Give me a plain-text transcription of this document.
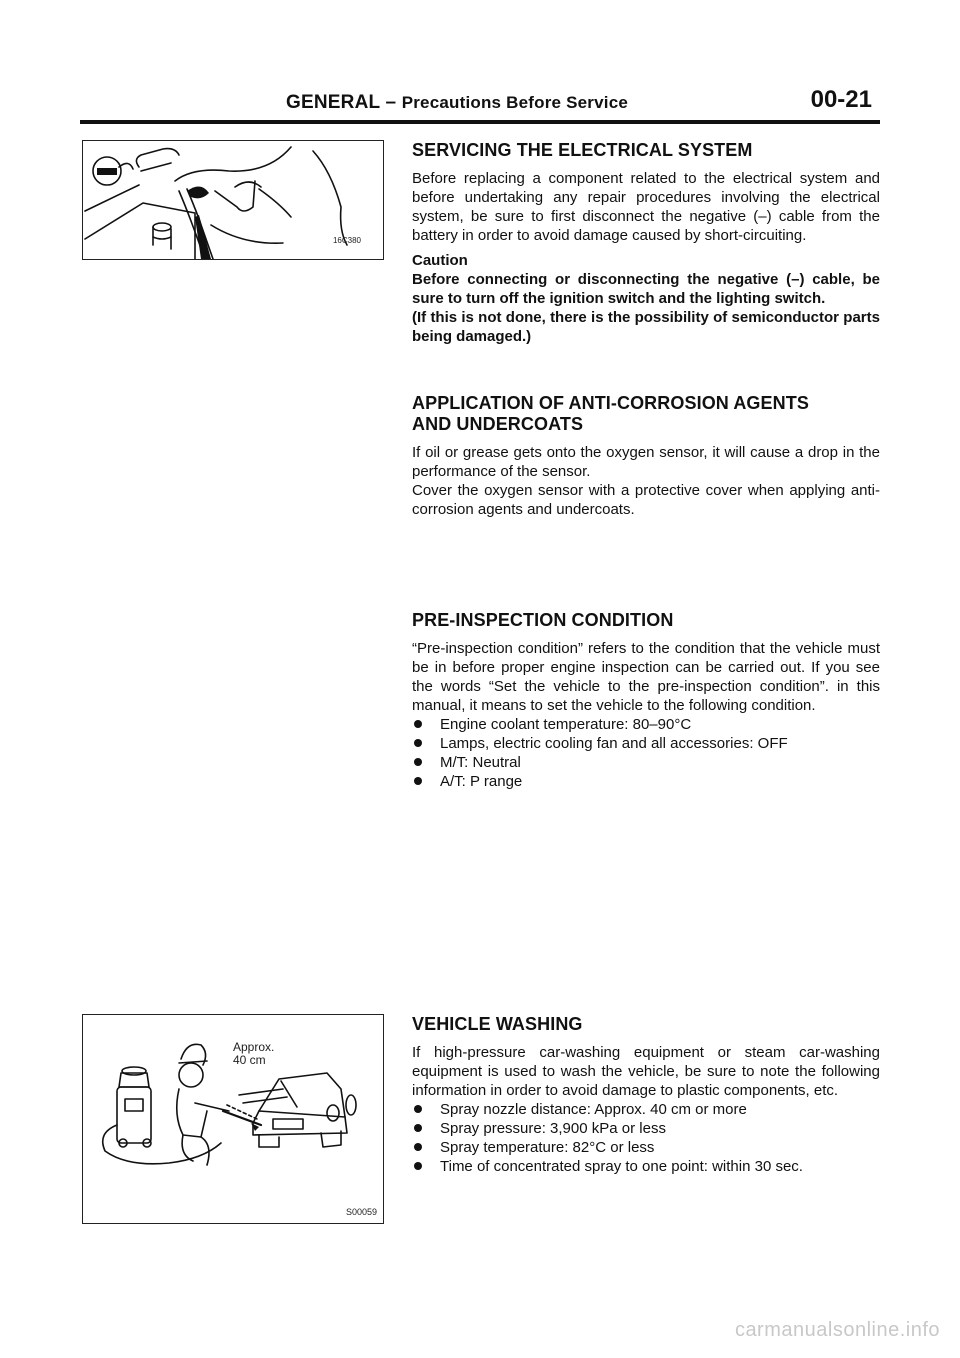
GENERAL – Precautions Before Service	00-21
16C380
Approx.
40 cm
S00059
SERVICING THE ELECTRICAL SYSTEM

Before replacing a component related to the electrical system and before undertaking any repair procedures involving the electrical system, be sure to first disconnect the negative (–) cable from the battery in order to avoid damage caused by short-circuiting.

Caution

Before connecting or disconnecting the negative (–) cable, be sure to turn off the ignition switch and the lighting switch.

(If this is not done, there is the possibility of semiconductor parts being damaged.)

APPLICATION OF ANTI-CORROSION AGENTS
AND UNDERCOATS

If oil or grease gets onto the oxygen sensor, it will cause a drop in the performance of the sensor.

Cover the oxygen sensor with a protective cover when applying anti-corrosion agents and undercoats.

PRE-INSPECTION CONDITION

“Pre-inspection condition” refers to the condition that the vehicle must be in before proper engine inspection can be carried out. If you see the words “Set the vehicle to the pre-inspection condition”. in this manual, it means to set the vehicle to the following condition.

Engine coolant temperature: 80–90°C
Lamps, electric cooling fan and all accessories: OFF
M/T: Neutral
A/T: P range
VEHICLE WASHING

If high-pressure car-washing equipment or steam car-washing equipment is used to wash the vehicle, be sure to note the following information in order to avoid damage to plastic components, etc.

Spray nozzle distance: Approx. 40 cm or more
Spray pressure: 3,900 kPa or less
Spray temperature: 82°C or less
Time of concentrated spray to one point: within 30 sec.
carmanualsonline.info
